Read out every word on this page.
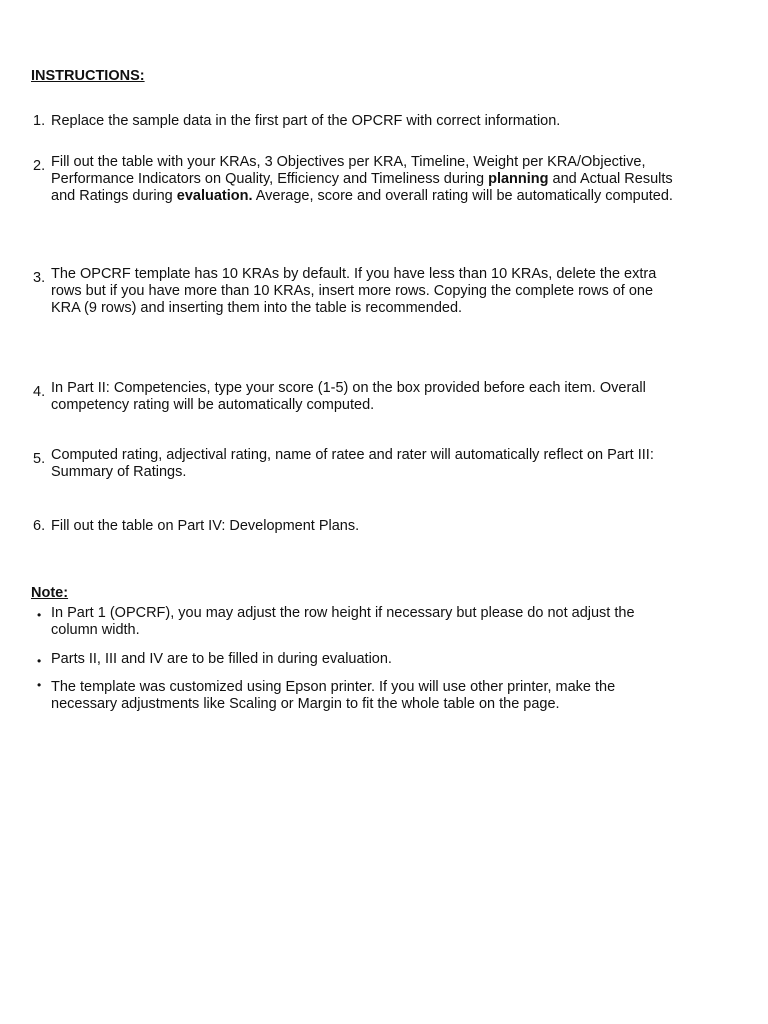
INSTRUCTIONS:
1. Replace the sample data in the first part of the OPCRF with correct information.
2. Fill out the table with your KRAs, 3 Objectives per KRA, Timeline, Weight per KRA/Objective, Performance Indicators on Quality, Efficiency and Timeliness during planning and Actual Results and Ratings during evaluation. Average, score and overall rating will be automatically computed.
3. The OPCRF template has 10 KRAs by default. If you have less than 10 KRAs, delete the extra rows but if you have more than 10 KRAs, insert more rows. Copying the complete rows of one KRA (9 rows) and inserting them into the table is recommended.
4. In Part II: Competencies, type your score (1-5) on the box provided before each item. Overall competency rating will be automatically computed.
5. Computed rating, adjectival rating, name of ratee and rater will automatically reflect on Part III: Summary of Ratings.
6. Fill out the table on Part IV: Development Plans.
Note:
• In Part 1 (OPCRF), you may adjust the row height if necessary but please do not adjust the column width.
• Parts II, III and IV are to be filled in during evaluation.
• The template was customized using Epson printer. If you will use other printer, make the necessary adjustments like Scaling or Margin to fit the whole table on the page.
